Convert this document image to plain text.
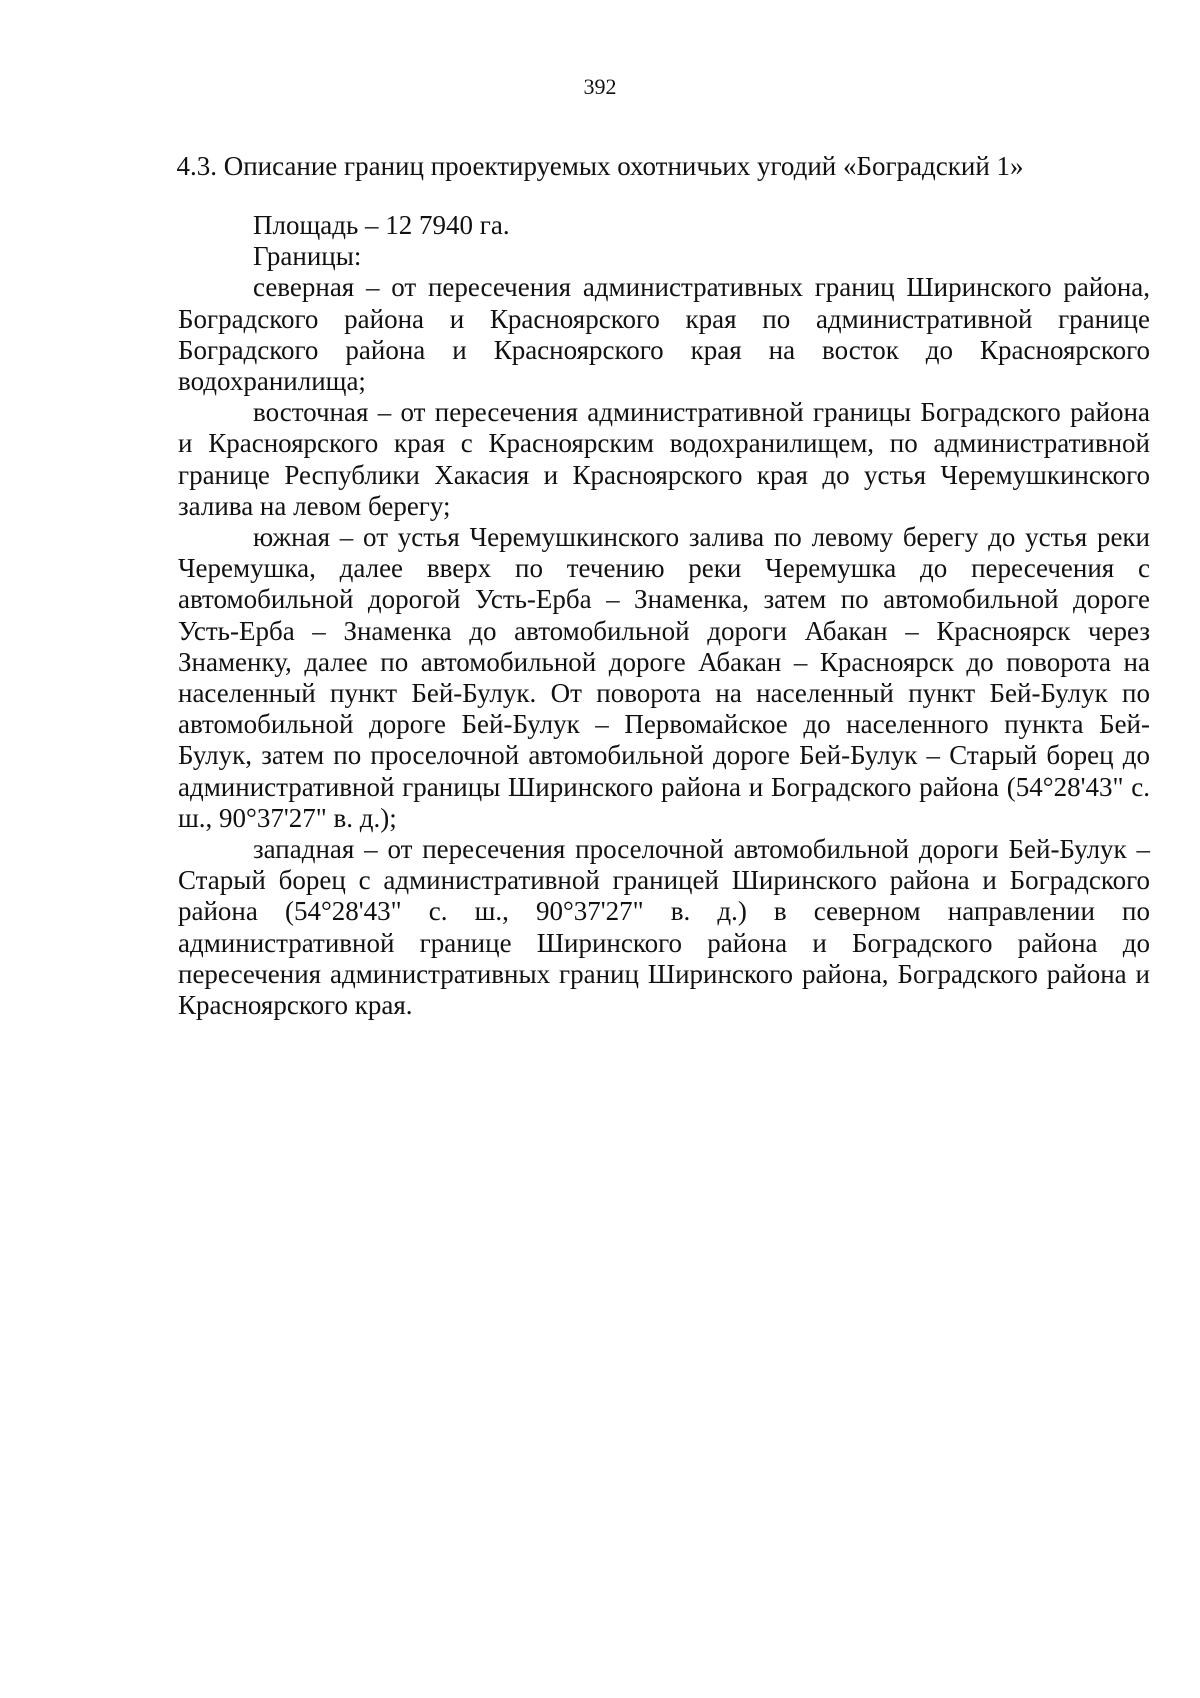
392
4.3. Описание границ проектируемых охотничьих угодий «Боградский 1»

Площадь – 12 7940 га.

Границы:

северная – от пересечения административных границ Ширинского района, Боградского района и Красноярского края по административной границе Боградского района и Красноярского края на восток до Красноярского водохранилища;

восточная – от пересечения административной границы Боградского района и Красноярского края с Красноярским водохранилищем, по административной границе Республики Хакасия и Красноярского края до устья Черемушкинского залива на левом берегу;

южная – от устья Черемушкинского залива по левому берегу до устья реки Черемушка, далее вверх по течению реки Черемушка до пересечения с автомобильной дорогой Усть-Ерба – Знаменка, затем по автомобильной дороге Усть-Ерба – Знаменка до автомобильной дороги Абакан – Красноярск через Знаменку, далее по автомобильной дороге Абакан – Красноярск до поворота на населенный пункт Бей-Булук. От поворота на населенный пункт Бей-Булук по автомобильной дороге Бей-Булук – Первомайское до населенного пункта Бей-Булук, затем по проселочной автомобильной дороге Бей-Булук – Старый борец до административной границы Ширинского района и Боградского района (54°28'43" с. ш., 90°37'27" в. д.);

западная – от пересечения проселочной автомобильной дороги Бей-Булук – Старый борец с административной границей Ширинского района и Боградского района (54°28'43" с. ш., 90°37'27" в. д.) в северном направлении по административной границе Ширинского района и Боградского района до пересечения административных границ Ширинского района, Боградского района и Красноярского края.
